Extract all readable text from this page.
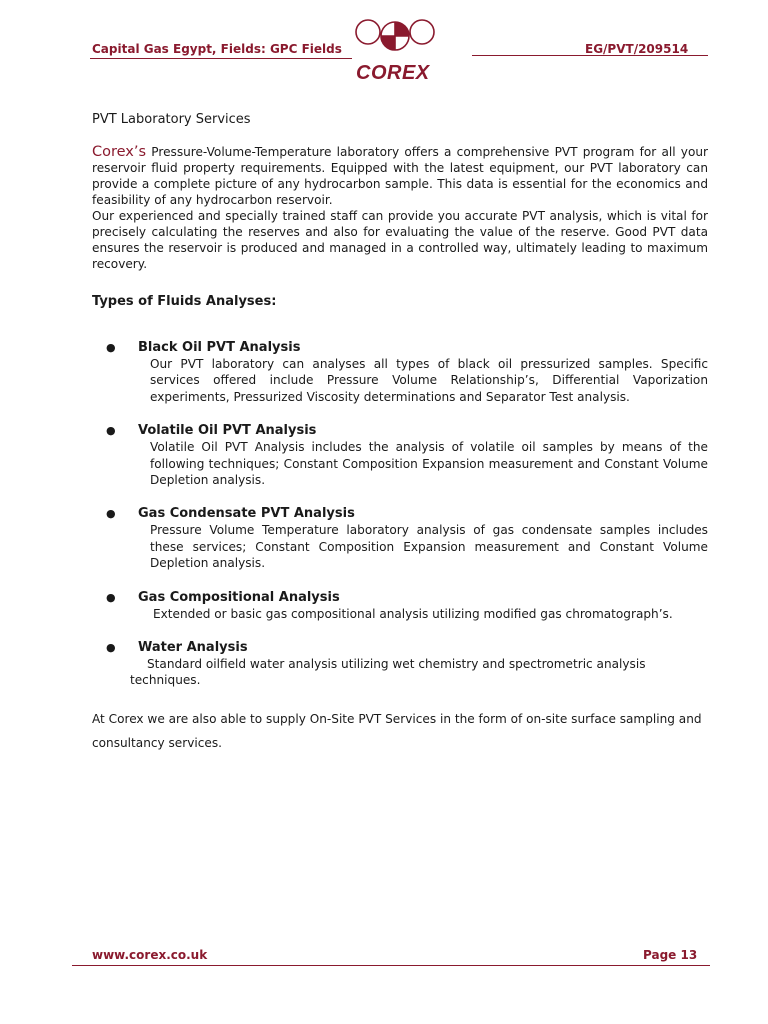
Capital Gas Egypt, Fields: GPC Fields
COREX
EG/PVT/209514
PVT Laboratory Services

Corex’s Pressure-Volume-Temperature laboratory offers a comprehensive PVT program for all your reservoir fluid property requirements. Equipped with the latest equipment, our PVT laboratory can provide a complete picture of any hydrocarbon sample. This data is essential for the economics and feasibility of any hydrocarbon reservoir.

Our experienced and specially trained staff can provide you accurate PVT analysis, which is vital for precisely calculating the reserves and also for evaluating the value of the reserve. Good PVT data ensures the reservoir is produced and managed in a controlled way, ultimately leading to maximum recovery.

Types of Fluids Analyses:
● Black Oil PVT Analysis
Our PVT laboratory can analyses all types of black oil pressurized samples. Specific services offered include Pressure Volume Relationship’s, Differential Vaporization experiments, Pressurized Viscosity determinations and Separator Test analysis.
● Volatile Oil PVT Analysis
Volatile Oil PVT Analysis includes the analysis of volatile oil samples by means of the following techniques; Constant Composition Expansion measurement and Constant Volume Depletion analysis.
● Gas Condensate PVT Analysis
Pressure Volume Temperature laboratory analysis of gas condensate samples includes these services; Constant Composition Expansion measurement and Constant Volume Depletion analysis.
● Gas Compositional Analysis
Extended or basic gas compositional analysis utilizing modified gas chromatograph’s.
● Water Analysis
Standard oilfield water analysis utilizing wet chemistry and spectrometric analysis techniques.

At Corex we are also able to supply On-Site PVT Services in the form of on-site surface sampling and consultancy services.

www.corex.co.uk	Page 13
